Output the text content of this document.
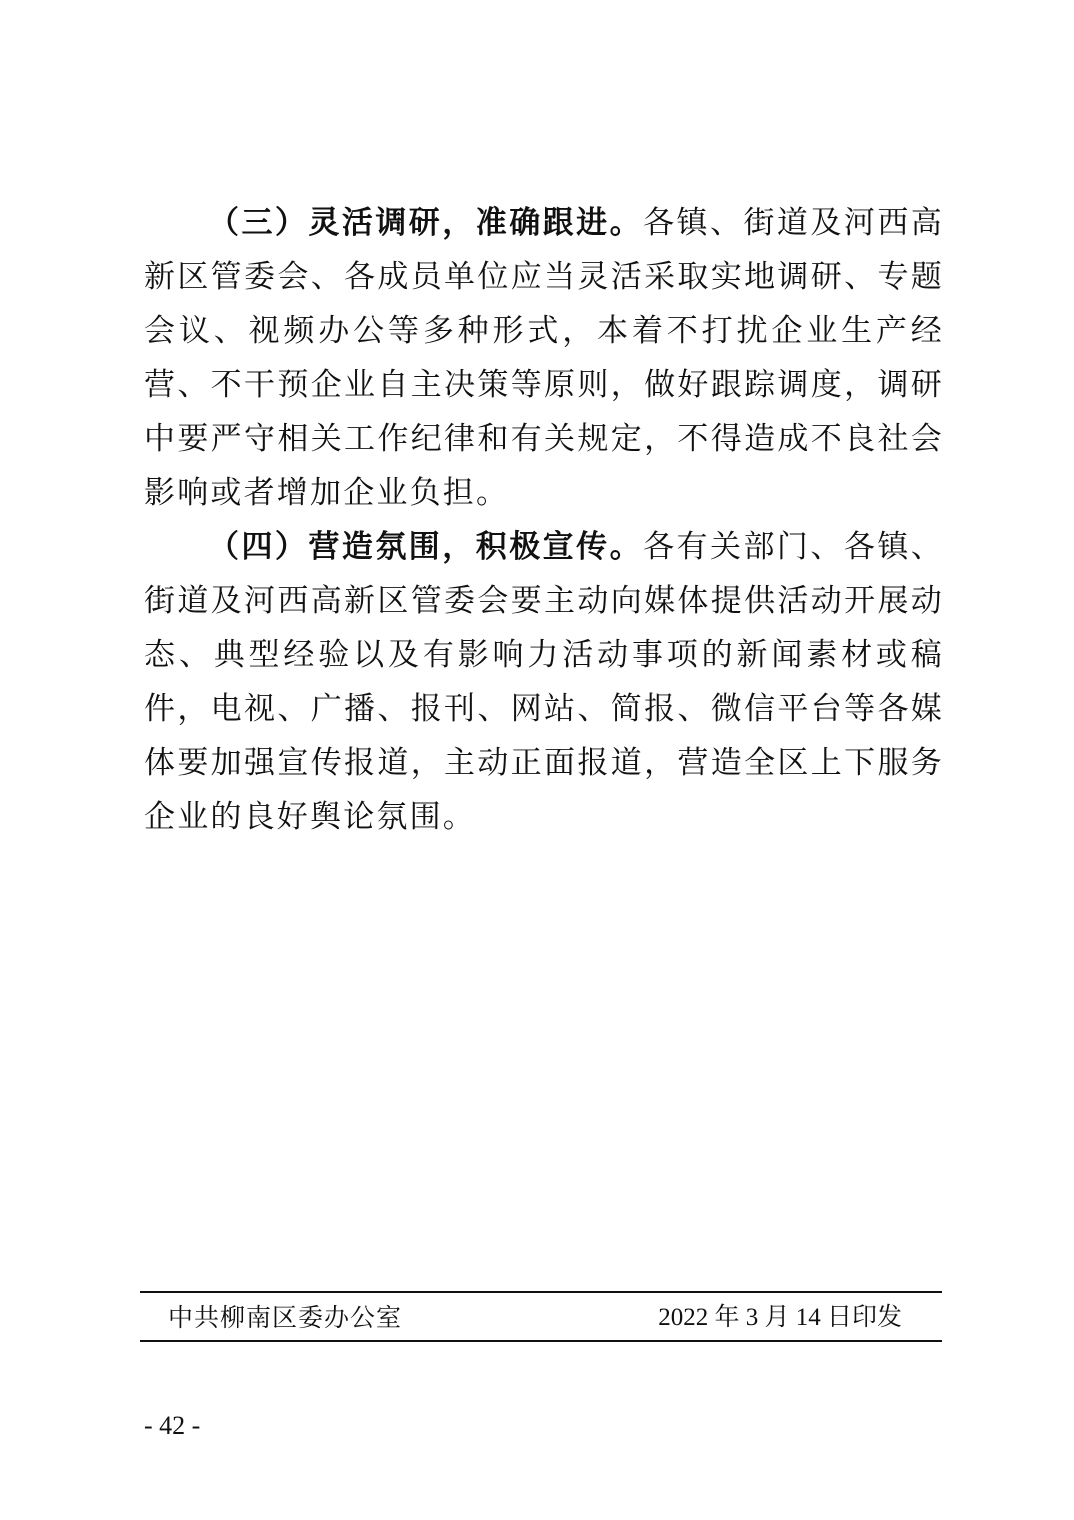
（三）灵活调研，准确跟进。各镇、街道及河西高新区管委会、各成员单位应当灵活采取实地调研、专题会议、视频办公等多种形式，本着不打扰企业生产经营、不干预企业自主决策等原则，做好跟踪调度，调研中要严守相关工作纪律和有关规定，不得造成不良社会影响或者增加企业负担。

（四）营造氛围，积极宣传。各有关部门、各镇、街道及河西高新区管委会要主动向媒体提供活动开展动态、典型经验以及有影响力活动事项的新闻素材或稿件，电视、广播、报刊、网站、简报、微信平台等各媒体要加强宣传报道，主动正面报道，营造全区上下服务企业的良好舆论氛围。

中共柳南区委办公室	2022 年 3 月 14 日印发
- 42 -
